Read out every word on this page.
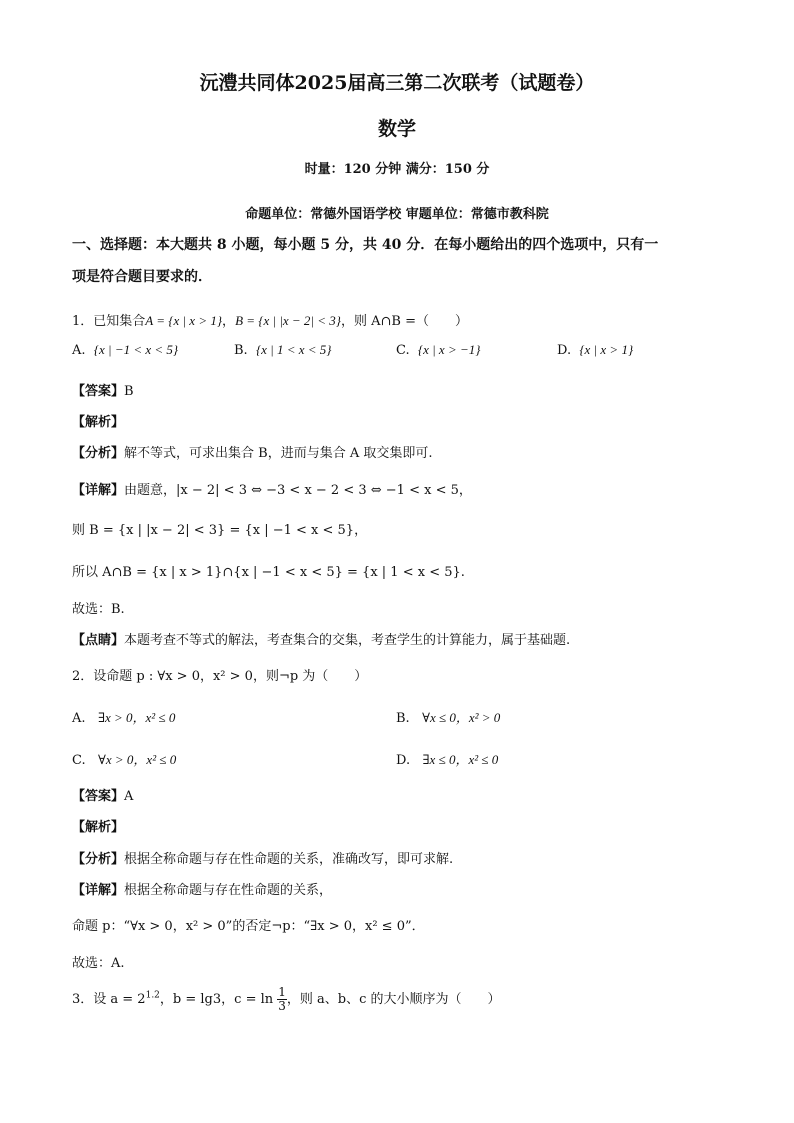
沅澧共同体2025届高三第二次联考（试题卷）
数学
时量：120 分钟 满分：150 分
命题单位：常德外国语学校 审题单位：常德市教科院
一、选择题：本大题共 8 小题，每小题 5 分，共 40 分．在每小题给出的四个选项中，只有一
项是符合题目要求的．
1．已知集合A = {x | x > 1}，B = {x | |x − 2| < 3}，则 A∩B =（　　）
A. {x | −1 < x < 5}	B. {x | 1 < x < 5}	C. {x | x > −1}	D. {x | x > 1}
【答案】B
【解析】
【分析】解不等式，可求出集合 B，进而与集合 A 取交集即可.
【详解】由题意，|x − 2| < 3 ⇔ −3 < x − 2 < 3 ⇔ −1 < x < 5，
则 B = {x | |x − 2| < 3} = {x | −1 < x < 5}，
所以 A∩B = {x | x > 1}∩{x | −1 < x < 5} = {x | 1 < x < 5}.
故选：B.
【点睛】本题考查不等式的解法，考查集合的交集，考查学生的计算能力，属于基础题.
2．设命题 p : ∀x > 0，x² > 0，则¬p 为（　　）
A. ∃x > 0，x² ≤ 0	B. ∀x ≤ 0，x² > 0
C. ∀x > 0，x² ≤ 0	D. ∃x ≤ 0，x² ≤ 0
【答案】A
【解析】
【分析】根据全称命题与存在性命题的关系，准确改写，即可求解.
【详解】根据全称命题与存在性命题的关系，
命题 p：“∀x > 0，x² > 0”的否定¬p：“∃x > 0，x² ≤ 0”．
故选：A.
3．设 $a = 2^{1.2}$，b = lg3，$c = \ln \frac{1}{3}$ ，则 a、b、c 的大小顺序为（　　）
